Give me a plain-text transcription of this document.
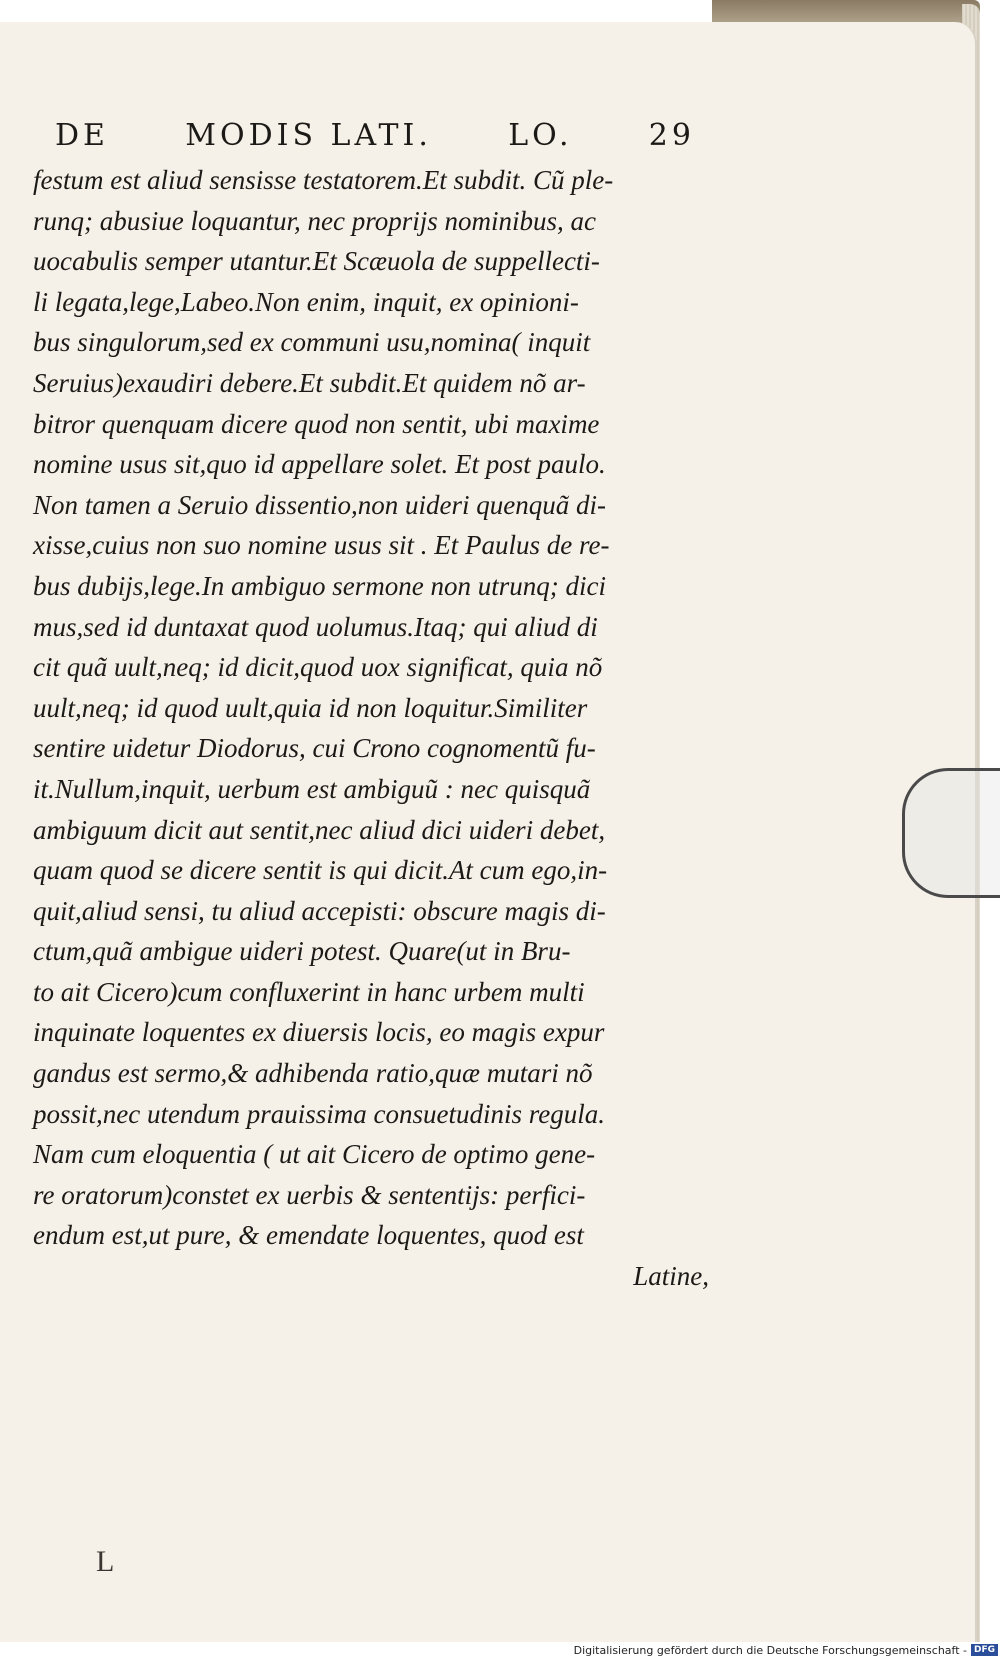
DE	MODIS LATI.	LO.	29
festum est aliud sensisse testatorem.Et subdit. Cũ ple-
runq; abusiue loquantur, nec proprijs nominibus, ac
uocabulis semper utantur.Et Scæuola de suppellecti-
li legata,lege,Labeo.Non enim, inquit, ex opinioni-
bus singulorum,sed ex communi usu,nomina( inquit
Seruius)exaudiri debere.Et subdit.Et quidem nõ ar-
bitror quenquam dicere quod non sentit, ubi maxime
nomine usus sit,quo id appellare solet. Et post paulo.
Non tamen a Seruio dissentio,non uideri quenquã di-
xisse,cuius non suo nomine usus sit . Et Paulus de re-
bus dubijs,lege.In ambiguo sermone non utrunq; dici
mus,sed id duntaxat quod uolumus.Itaq; qui aliud di
cit quã uult,neq; id dicit,quod uox significat, quia nõ
uult,neq; id quod uult,quia id non loquitur.Similiter
sentire uidetur Diodorus, cui Crono cognomentũ fu-
it.Nullum,inquit, uerbum est ambiguũ : nec quisquã
ambiguum dicit aut sentit,nec aliud dici uideri debet,
quam quod se dicere sentit is qui dicit.At cum ego,in-
quit,aliud sensi, tu aliud accepisti: obscure magis di-
ctum,quã ambigue uideri potest. Quare(ut in Bru-
to ait Cicero)cum confluxerint in hanc urbem multi
inquinate loquentes ex diuersis locis, eo magis expur
gandus est sermo,& adhibenda ratio,quæ mutari nõ
possit,nec utendum prauissima consuetudinis regula.
Nam cum eloquentia ( ut ait Cicero de optimo gene-
re oratorum)constet ex uerbis & sententijs: perfici-
endum est,ut pure, & emendate loquentes, quod est
Latine,
L
Digitalisierung gefördert durch die Deutsche Forschungsgemeinschaft - DFG
